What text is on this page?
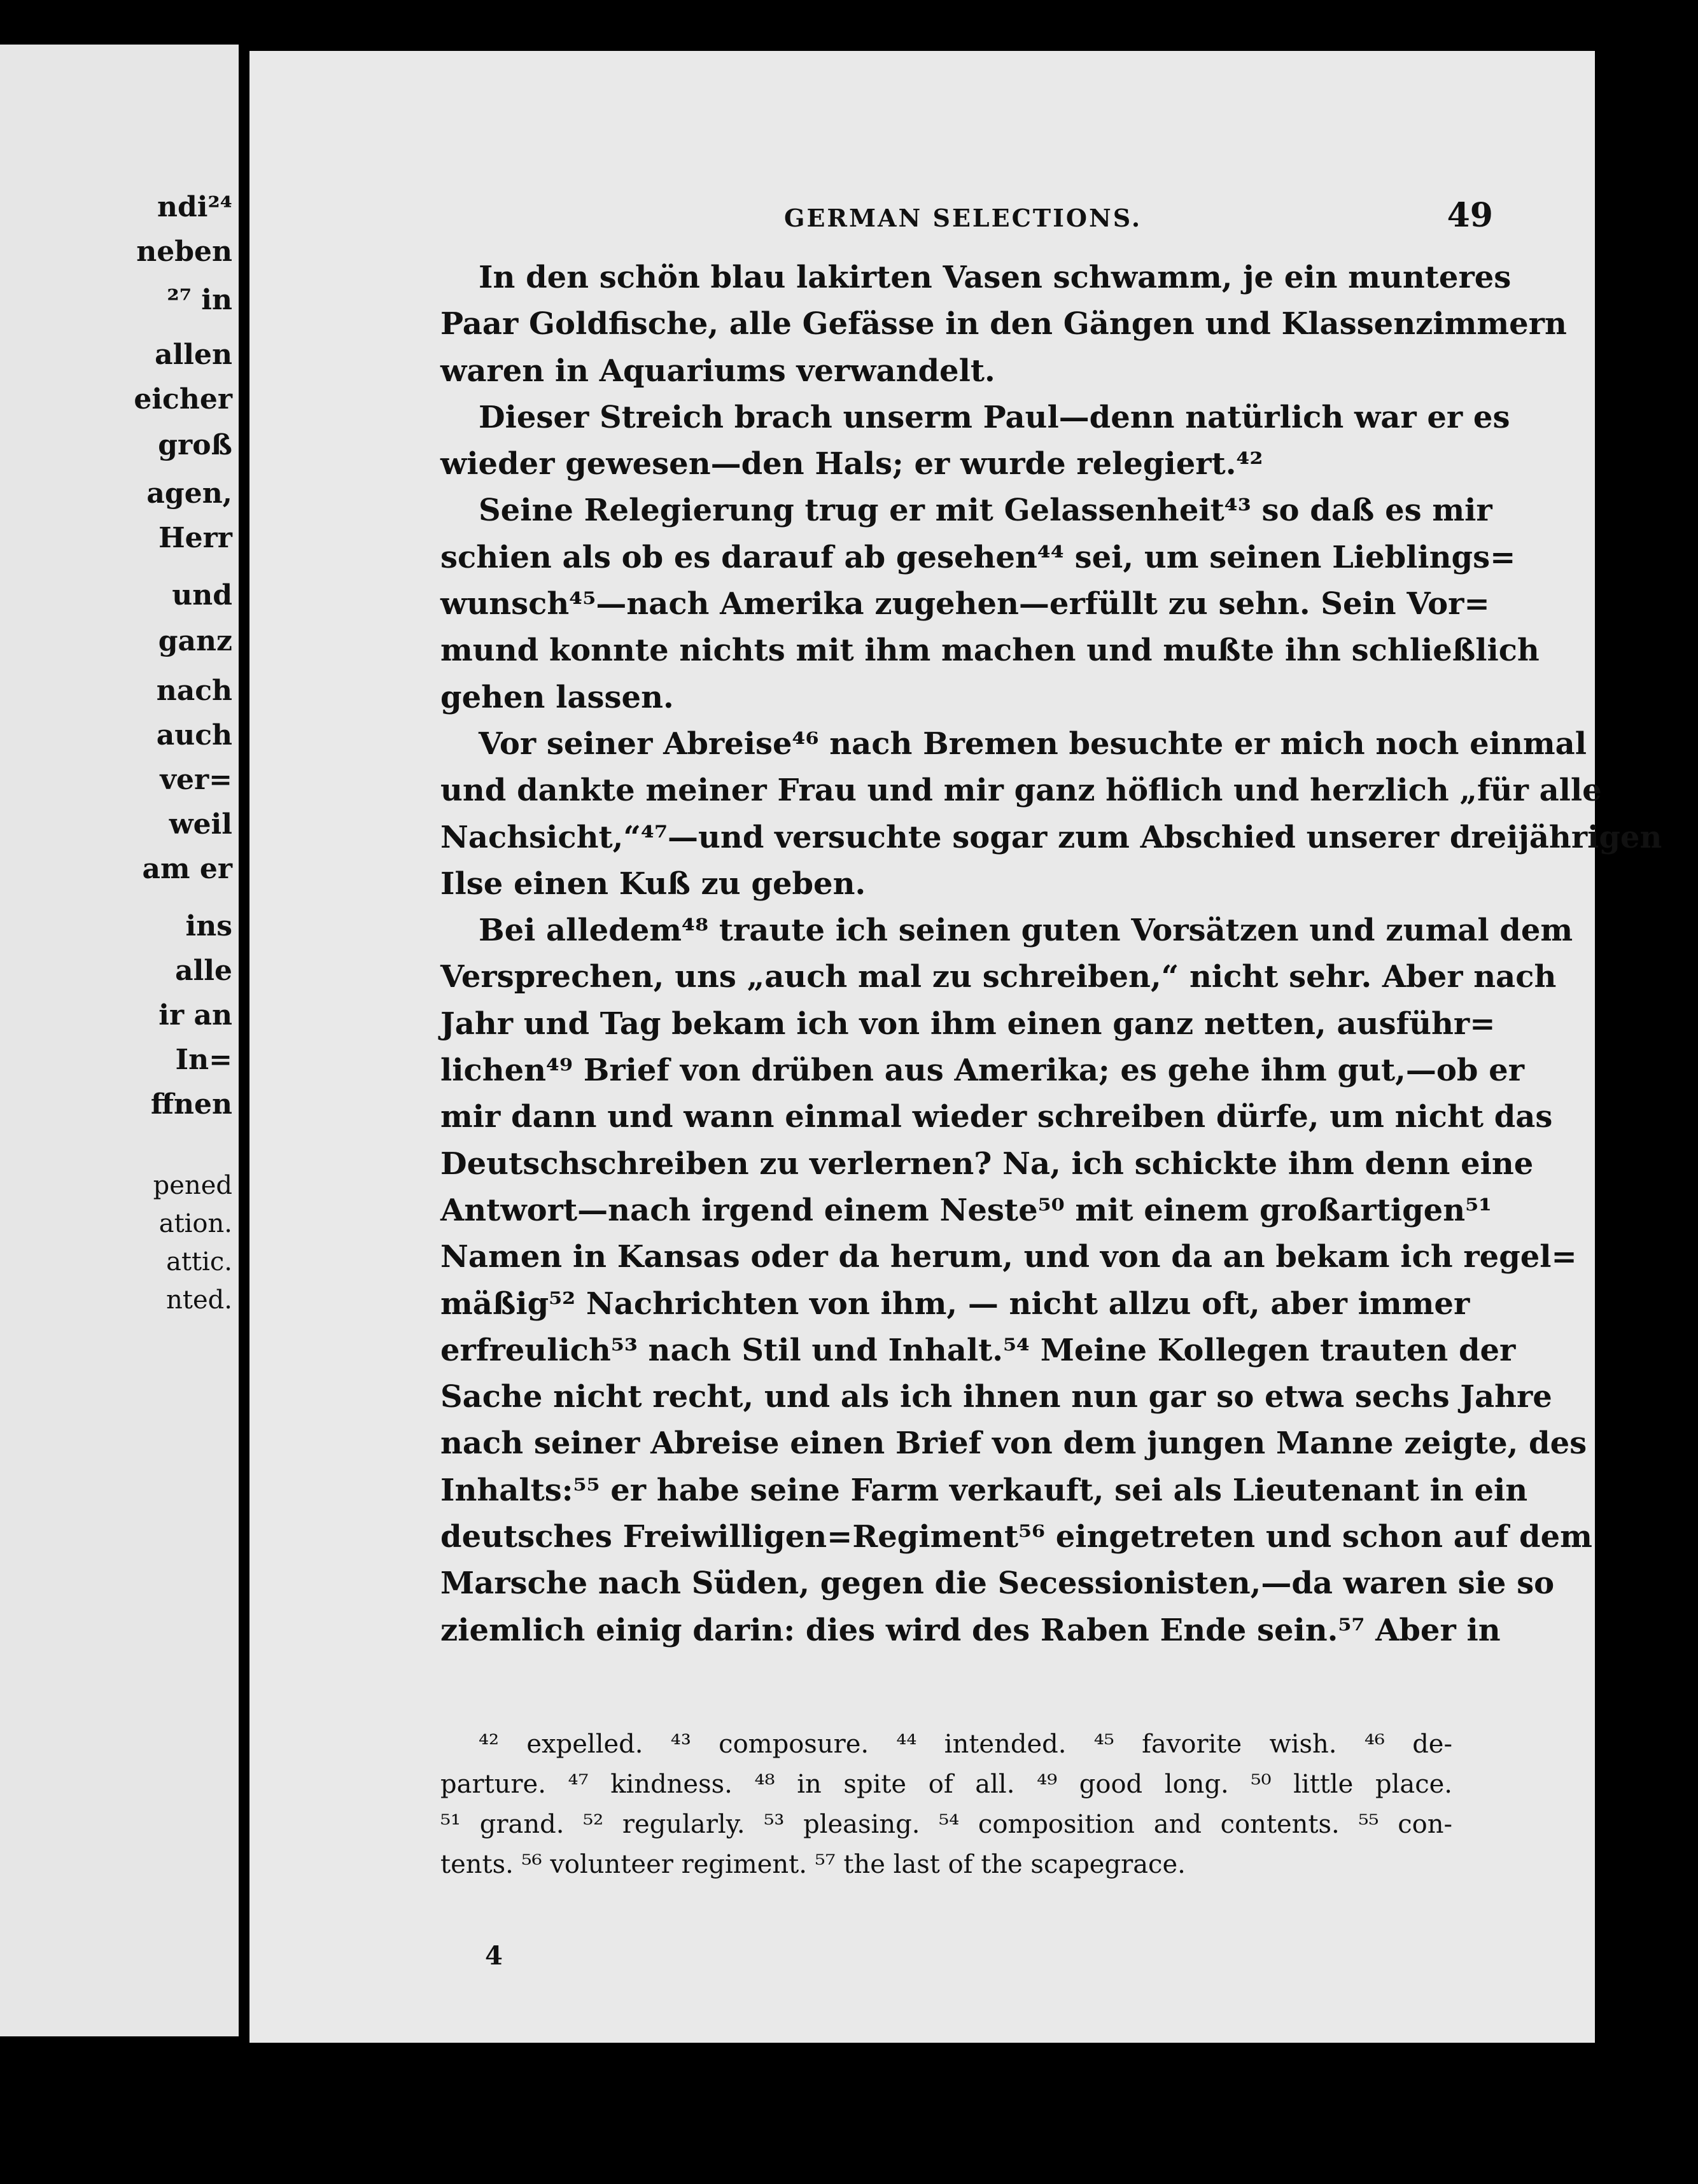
ndi²⁴
neben
²⁷ in
allen
eicher
groß
agen,
Herr
und
ganz
nach
auch
ver=
weil
am er
ins
alle
ir an
In=
ffnen
pened
ation.
attic.
nted.
GERMAN SELECTIONS.	49
In den schön blau lakirten Vasen schwamm, je ein munteres
Paar Goldfische, alle Gefässe in den Gängen und Klassenzimmern
waren in Aquariums verwandelt.
Dieser Streich brach unserm Paul—denn natürlich war er es
wieder gewesen—den Hals; er wurde relegiert.⁴²
Seine Relegierung trug er mit Gelassenheit⁴³ so daß es mir
schien als ob es darauf ab gesehen⁴⁴ sei, um seinen Lieblings=
wunsch⁴⁵—nach Amerika zugehen—erfüllt zu sehn. Sein Vor=
mund konnte nichts mit ihm machen und mußte ihn schließlich
gehen lassen.
Vor seiner Abreise⁴⁶ nach Bremen besuchte er mich noch einmal
und dankte meiner Frau und mir ganz höflich und herzlich „für alle
Nachsicht,“⁴⁷—und versuchte sogar zum Abschied unserer dreijährigen
Ilse einen Kuß zu geben.
Bei alledem⁴⁸ traute ich seinen guten Vorsätzen und zumal dem
Versprechen, uns „auch mal zu schreiben,“ nicht sehr. Aber nach
Jahr und Tag bekam ich von ihm einen ganz netten, ausführ=
lichen⁴⁹ Brief von drüben aus Amerika; es gehe ihm gut,—ob er
mir dann und wann einmal wieder schreiben dürfe, um nicht das
Deutschschreiben zu verlernen? Na, ich schickte ihm denn eine
Antwort—nach irgend einem Neste⁵⁰ mit einem großartigen⁵¹
Namen in Kansas oder da herum, und von da an bekam ich regel=
mäßig⁵² Nachrichten von ihm, — nicht allzu oft, aber immer
erfreulich⁵³ nach Stil und Inhalt.⁵⁴ Meine Kollegen trauten der
Sache nicht recht, und als ich ihnen nun gar so etwa sechs Jahre
nach seiner Abreise einen Brief von dem jungen Manne zeigte, des
Inhalts:⁵⁵ er habe seine Farm verkauft, sei als Lieutenant in ein
deutsches Freiwilligen=Regiment⁵⁶ eingetreten und schon auf dem
Marsche nach Süden, gegen die Secessionisten,—da waren sie so
ziemlich einig darin: dies wird des Raben Ende sein.⁵⁷ Aber in
⁴² expelled. ⁴³ composure. ⁴⁴ intended. ⁴⁵ favorite wish. ⁴⁶ de-
parture. ⁴⁷ kindness. ⁴⁸ in spite of all. ⁴⁹ good long. ⁵⁰ little place.
⁵¹ grand. ⁵² regularly. ⁵³ pleasing. ⁵⁴ composition and contents. ⁵⁵ con-
tents. ⁵⁶ volunteer regiment. ⁵⁷ the last of the scapegrace.
4
